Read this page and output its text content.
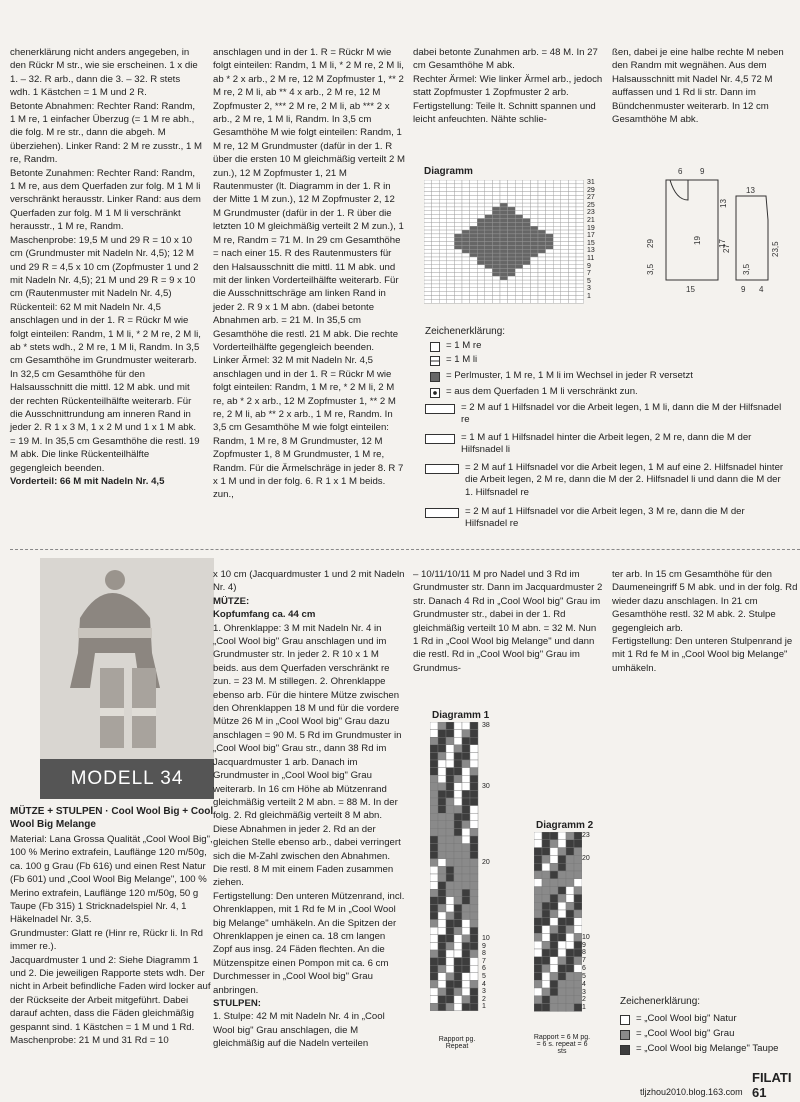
chenerklärung nicht anders angegeben, in den Rückr M str., wie sie erscheinen. 1 x die 1. – 32. R arb., dann die 3. – 32. R stets wdh. 1 Kästchen = 1 M und 2 R.

Betonte Abnahmen: Rechter Rand: Randm, 1 M re, 1 einfacher Überzug (= 1 M re abh., die folg. M re str., dann die abgeh. M überziehen). Linker Rand: 2 M re zusstr., 1 M re, Randm.

Betonte Zunahmen: Rechter Rand: Randm, 1 M re, aus dem Querfaden zur folg. M 1 M li verschränkt herausstr. Linker Rand: aus dem Querfaden zur folg. M 1 M li verschränkt herausstr., 1 M re, Randm.

Maschenprobe: 19,5 M und 29 R = 10 x 10 cm (Grundmuster mit Nadeln Nr. 4,5); 12 M und 29 R = 4,5 x 10 cm (Zopfmuster 1 und 2 mit Nadeln Nr. 4,5); 21 M und 29 R = 9 x 10 cm (Rautenmuster mit Nadeln Nr. 4,5)

Rückenteil: 62 M mit Nadeln Nr. 4,5 anschlagen und in der 1. R = Rückr M wie folgt einteilen: Randm, 1 M li, * 2 M re, 2 M li, ab * stets wdh., 2 M re, 1 M li, Randm. In 3,5 cm Gesamthöhe im Grundmuster weiterarb. In 32,5 cm Gesamthöhe für den Halsausschnitt die mittl. 12 M abk. und mit der rechten Rückenteilhälfte weiterarb. Für die Ausschnittrundung am inneren Rand in jeder 2. R 1 x 3 M, 1 x 2 M und 1 x 1 M abk. = 19 M. In 35,5 cm Gesamthöhe die restl. 19 M abk. Die linke Rückenteilhälfte gegengleich beenden.

Vorderteil: 66 M mit Nadeln Nr. 4,5

anschlagen und in der 1. R = Rückr M wie folgt einteilen: Randm, 1 M li, * 2 M re, 2 M li, ab * 2 x arb., 2 M re, 12 M Zopfmuster 1, ** 2 M re, 2 M li, ab ** 4 x arb., 2 M re, 12 M Zopfmuster 2, *** 2 M re, 2 M li, ab *** 2 x arb., 2 M re, 1 M li, Randm. In 3,5 cm Gesamthöhe M wie folgt einteilen: Randm, 1 M re, 12 M Grundmuster (dafür in der 1. R über die ersten 10 M gleichmäßig verteilt 2 M zun.), 12 M Zopfmuster 1, 21 M Rautenmuster (lt. Diagramm in der 1. R in der Mitte 1 M zun.), 12 M Zopfmuster 2, 12 M Grundmuster (dafür in der 1. R über die letzten 10 M gleichmäßig verteilt 2 M zun.), 1 M re, Randm = 71 M. In 29 cm Gesamthöhe = nach einer 15. R des Rautenmusters für den Halsausschnitt die mittl. 11 M abk. und mit der linken Vorderteilhälfte weiterarb. Für die Ausschnittschräge am linken Rand in jeder 2. R 9 x 1 M abn. (dabei betonte Abnahmen arb. = 21 M. In 35,5 cm Gesamthöhe die restl. 21 M abk. Die rechte Vorderteilhälfte gegengleich beenden.

Linker Ärmel: 32 M mit Nadeln Nr. 4,5 anschlagen und in der 1. R = Rückr M wie folgt einteilen: Randm, 1 M re, * 2 M li, 2 M re, ab * 2 x arb., 12 M Zopfmuster 1, ** 2 M re, 2 M li, ab ** 2 x arb., 1 M re, Randm. In 3,5 cm Gesamthöhe M wie folgt einteilen: Randm, 1 M re, 8 M Grundmuster, 12 M Zopfmuster 1, 8 M Grundmuster, 1 M re, Randm. Für die Ärmelschräge in jeder 8. R 7 x 1 M und in der folg. 6. R 1 x 1 M beids. zun.,

dabei betonte Zunahmen arb. = 48 M. In 27 cm Gesamthöhe M abk.

Rechter Ärmel: Wie linker Ärmel arb., jedoch statt Zopfmuster 1 Zopfmuster 2 arb.

Fertigstellung: Teile lt. Schnitt spannen und leicht anfeuchten. Nähte schlie-

ßen, dabei je eine halbe rechte M neben den Randm mit wegnähen. Aus dem Halsausschnitt mit Nadel Nr. 4,5 72 M auffassen und 1 Rd li str. Dann im Bündchenmuster weiterarb. In 12 cm Gesamthöhe M abk.

Diagramm
31
29
27
25
23
21
19
17
15
13
11
9
7
5
3
1
6 9
13
29	19 17
13
27	23,5
3,5	3,5
15	9 4
Zeichenerklärung:
= 1 M re
= 1 M li
= Perlmuster, 1 M re, 1 M li im Wechsel in jeder R versetzt
= aus dem Querfaden 1 M li verschränkt zun.
= 2 M auf 1 Hilfsnadel vor die Arbeit legen, 1 M li, dann die M der Hilfsnadel re
= 1 M auf 1 Hilfsnadel hinter die Arbeit legen, 2 M re, dann die M der Hilfsnadel li
= 2 M auf 1 Hilfsnadel vor die Arbeit legen, 1 M auf eine 2. Hilfsnadel hinter die Arbeit legen, 2 M re, dann die M der 2. Hilfsnadel li und dann die M der 1. Hilfsnadel re
= 2 M auf 1 Hilfsnadel vor die Arbeit legen, 3 M re, dann die M der Hilfsnadel re
MODELL 34
MÜTZE + STULPEN · Cool Wool Big + Cool Wool Big Melange

Material: Lana Grossa Qualität „Cool Wool Big", 100 % Merino extrafein, Lauflänge 120 m/50g, ca. 100 g Grau (Fb 616) und einen Rest Natur (Fb 601) und „Cool Wool Big Melange", 100 % Merino extrafein, Lauflänge 120 m/50g, 50 g Taupe (Fb 315) 1 Stricknadelspiel Nr. 4, 1 Häkelnadel Nr. 3,5.

Grundmuster: Glatt re (Hinr re, Rückr li. In Rd immer re.).

Jacquardmuster 1 und 2: Siehe Diagramm 1 und 2. Die jeweiligen Rapporte stets wdh. Der nicht in Arbeit befindliche Faden wird locker auf der Rückseite der Arbeit mitgeführt. Dabei darauf achten, dass die Fäden gleichmäßig gespannt sind. 1 Kästchen = 1 M und 1 Rd.

Maschenprobe: 21 M und 31 Rd = 10

x 10 cm (Jacquardmuster 1 und 2 mit Nadeln Nr. 4)

MÜTZE:

Kopfumfang ca. 44 cm

1. Ohrenklappe: 3 M mit Nadeln Nr. 4 in „Cool Wool big" Grau anschlagen und im Grundmuster str. In jeder 2. R 10 x 1 M beids. aus dem Querfaden verschränkt re zun. = 23 M. M stillegen. 2. Ohrenklappe ebenso arb. Für die hintere Mütze zwischen den Ohrenklappen 18 M und für die vordere Mütze 26 M in „Cool Wool big" Grau dazu anschlagen = 90 M. 5 Rd im Grundmuster in „Cool Wool big" Grau str., dann 38 Rd im Jacquardmuster 1 arb. Danach im Grundmuster in „Cool Wool big" Grau weiterarb. In 16 cm Höhe ab Mützenrand gleichmäßig verteilt 2 M abn. = 88 M. In der folg. 2. Rd gleichmäßig verteilt 8 M abn. Diese Abnahmen in jeder 2. Rd an der gleichen Stelle ebenso arb., dabei verringert sich die M-Zahl zwischen den Abnahmen. Die restl. 8 M mit einem Faden zusammen ziehen.

Fertigstellung: Den unteren Mützenrand, incl. Ohrenklappen, mit 1 Rd fe M in „Cool Wool big Melange" umhäkeln. An die Spitzen der Ohrenklappen je einen ca. 18 cm langen Zopf aus insg. 24 Fäden flechten. An die Mützenspitze einen Pompon mit ca. 6 cm Durchmesser in „Cool Wool big" Grau anbringen.

STULPEN:

1. Stulpe: 42 M mit Nadeln Nr. 4 in „Cool Wool big" Grau anschlagen, die M gleichmäßig auf die Nadeln verteilen

– 10/11/10/11 M pro Nadel und 3 Rd im Grundmuster str. Dann im Jacquardmuster 2 str. Danach 4 Rd in „Cool Wool big" Grau im Grundmuster str., dabei in der 1. Rd gleichmäßig verteilt 10 M abn. = 32 M. Nun 1 Rd in „Cool Wool big Melange" und dann die restl. Rd in „Cool Wool big" Grau im Grundmus-

ter arb. In 15 cm Gesamthöhe für den Daumeneingriff 5 M abk. und in der folg. Rd wieder dazu anschlagen. In 21 cm Gesamthöhe restl. 32 M abk. 2. Stulpe gegengleich arb.

Fertigstellung: Den unteren Stulpenrand je mit 1 Rd fe M in „Cool Wool big Melange" umhäkeln.

Diagramm 1
38
30
20
10
9
8
7
6
5
4
3
2
1
Rapport pg. Repeat
Diagramm 2
23
20
10
9
8
7
6
5
4
3
2
1
Rapport = 6 M pg. = 6 s. repeat = 6 sts
Zeichenerklärung:
= „Cool Wool big" Natur
= „Cool Wool big" Grau
= „Cool Wool big Melange" Taupe
FILATI 61
tljzhou2010.blog.163.com
